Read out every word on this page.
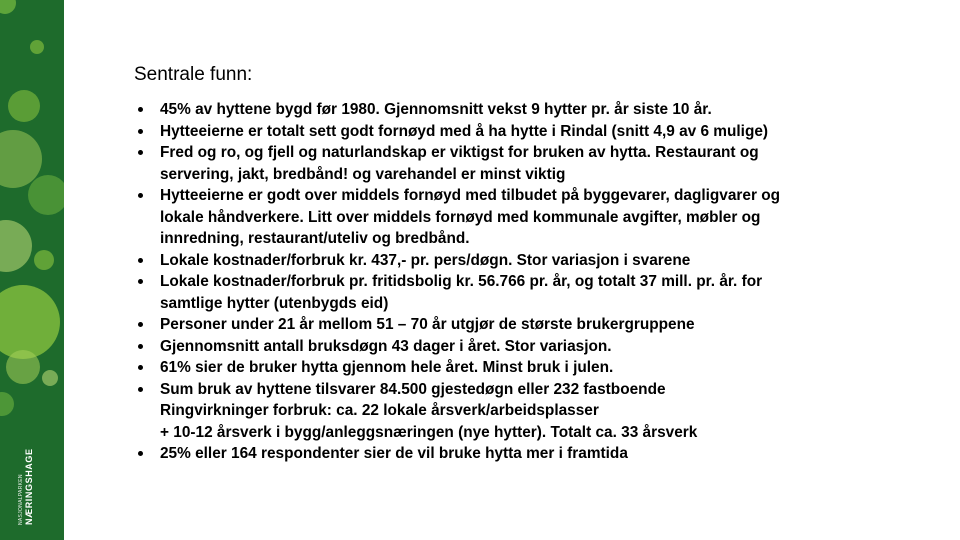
NASJONALPARKEN NÆRINGSHAGE
Sentrale funn:
45% av hyttene bygd før 1980. Gjennomsnitt vekst 9 hytter pr. år siste 10 år.
Hytteeierne er totalt sett godt fornøyd med å ha hytte i Rindal (snitt 4,9 av 6 mulige)
Fred og ro, og fjell og naturlandskap er viktigst for bruken av hytta. Restaurant og
servering, jakt, bredbånd! og varehandel er minst viktig
Hytteeierne er godt over middels fornøyd med tilbudet på byggevarer, dagligvarer og
lokale håndverkere. Litt over middels fornøyd med kommunale avgifter, møbler og
innredning, restaurant/uteliv og bredbånd.
Lokale kostnader/forbruk kr. 437,- pr. pers/døgn. Stor variasjon i svarene
Lokale kostnader/forbruk pr. fritidsbolig kr. 56.766 pr. år, og totalt 37 mill. pr. år. for
samtlige hytter (utenbygds eid)
Personer under 21 år mellom 51 – 70 år utgjør de største brukergruppene
Gjennomsnitt antall bruksdøgn 43 dager i året. Stor variasjon.
61% sier de bruker hytta gjennom hele året. Minst bruk i julen.
Sum bruk av hyttene tilsvarer 84.500 gjestedøgn eller 232 fastboende
Ringvirkninger forbruk: ca. 22 lokale årsverk/arbeidsplasser
+ 10-12 årsverk i bygg/anleggsnæringen (nye hytter). Totalt ca. 33 årsverk
25% eller 164 respondenter sier de vil bruke hytta mer i framtida
